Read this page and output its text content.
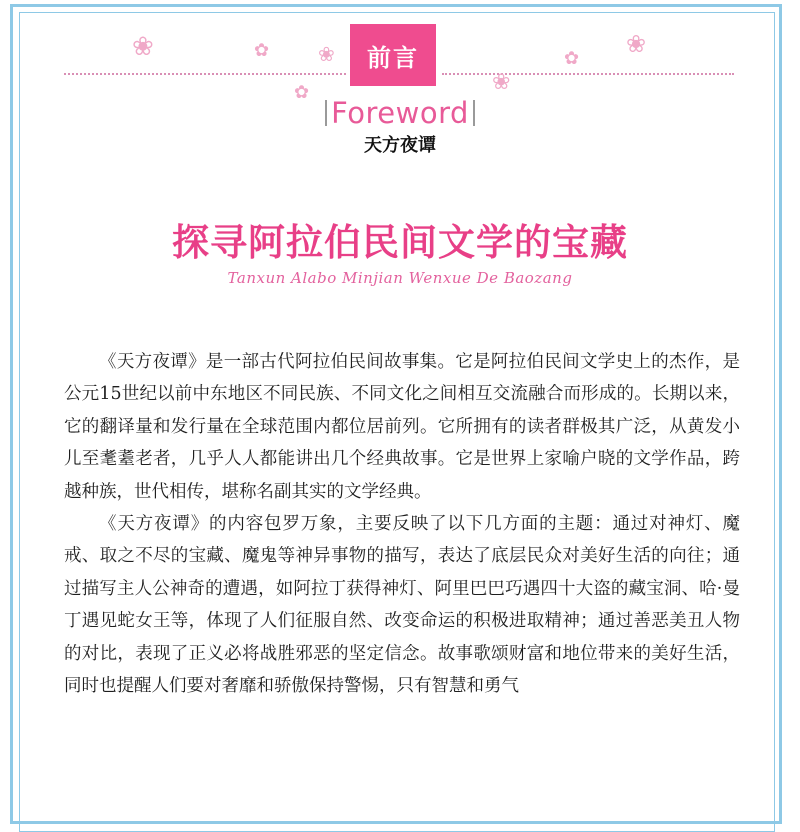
❀	✿ ❀
✿	❀
✿
❀
前言
Foreword
天方夜谭
探寻阿拉伯民间文学的宝藏
Tanxun Alabo Minjian Wenxue De Baozang

《天方夜谭》是一部古代阿拉伯民间故事集。它是阿拉伯民间文学史上的杰作，是公元15世纪以前中东地区不同民族、不同文化之间相互交流融合而形成的。长期以来，它的翻译量和发行量在全球范围内都位居前列。它所拥有的读者群极其广泛，从黄发小儿至耄耋老者，几乎人人都能讲出几个经典故事。它是世界上家喻户晓的文学作品，跨越种族，世代相传，堪称名副其实的文学经典。

《天方夜谭》的内容包罗万象，主要反映了以下几方面的主题：通过对神灯、魔戒、取之不尽的宝藏、魔鬼等神异事物的描写，表达了底层民众对美好生活的向往；通过描写主人公神奇的遭遇，如阿拉丁获得神灯、阿里巴巴巧遇四十大盗的藏宝洞、哈·曼丁遇见蛇女王等，体现了人们征服自然、改变命运的积极进取精神；通过善恶美丑人物的对比，表现了正义必将战胜邪恶的坚定信念。故事歌颂财富和地位带来的美好生活，同时也提醒人们要对奢靡和骄傲保持警惕，只有智慧和勇气
